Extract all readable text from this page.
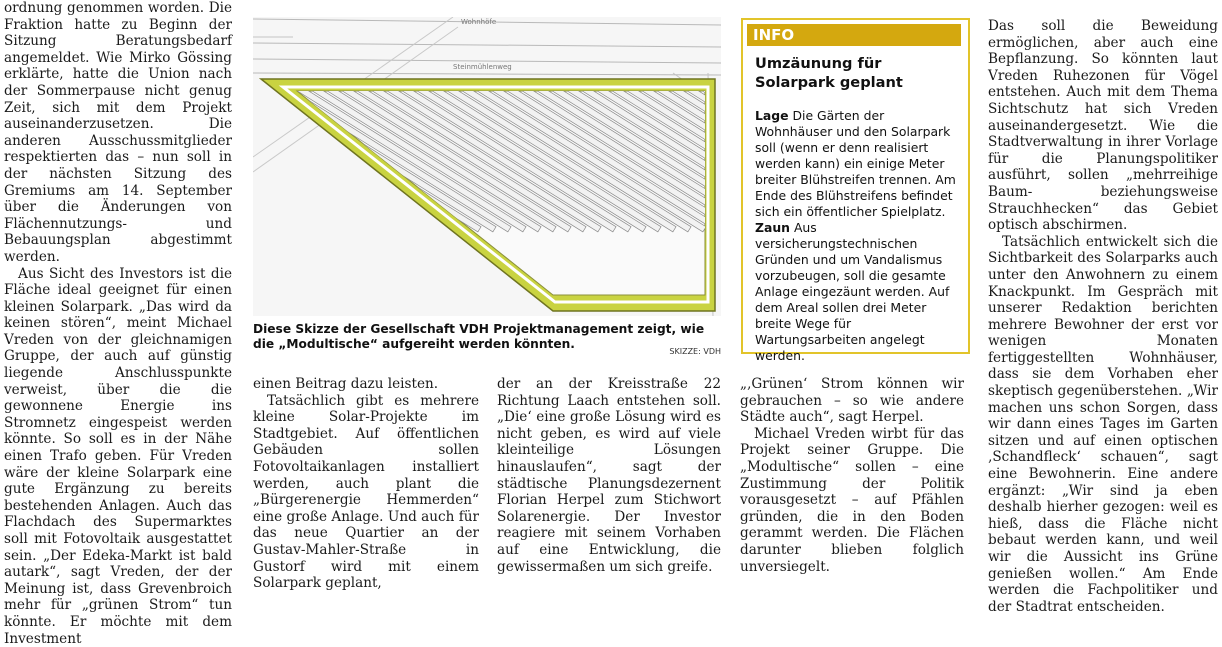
ordnung genommen worden. Die Fraktion hatte zu Beginn der Sitzung Beratungsbedarf angemeldet. Wie Mirko Gössing erklärte, hatte die Union nach der Sommerpause nicht genug Zeit, sich mit dem Projekt auseinanderzusetzen. Die anderen Ausschussmitglieder respektierten das – nun soll in der nächsten Sitzung des Gremiums am 14. September über die Änderungen von Flächennutzungs- und Bebauungsplan abgestimmt werden.

Aus Sicht des Investors ist die Fläche ideal geeignet für einen kleinen Solarpark. „Das wird da keinen stören“, meint Michael Vreden von der gleichnamigen Gruppe, der auch auf günstig liegende Anschlusspunkte verweist, über die die gewonnene Energie ins Stromnetz eingespeist werden könnte. So soll es in der Nähe einen Trafo geben. Für Vreden wäre der kleine Solarpark eine gute Ergänzung zu bereits bestehenden Anlagen. Auch das Flachdach des Supermarktes soll mit Fotovoltaik ausgestattet sein. „Der Edeka-Markt ist bald autark“, sagt Vreden, der der Meinung ist, dass Grevenbroich mehr für „grünen Strom“ tun könnte. Er möchte mit dem Investment

Wohnhöfe
Steinmühlenweg
Diese Skizze der Gesellschaft VDH Projektmanagement zeigt, wie die „Modultische“ aufgereiht werden könnten.
SKIZZE: VDH
INFO
Umzäunung für Solarpark geplant
Lage Die Gärten der Wohnhäuser und den Solarpark soll (wenn er denn realisiert werden kann) ein einige Meter breiter Blühstreifen trennen. Am Ende des Blühstreifens befindet sich ein öffentlicher Spielplatz.
Zaun Aus versicherungstechnischen Gründen und um Vandalismus vorzubeugen, soll die gesamte Anlage eingezäunt werden. Auf dem Areal sollen drei Meter breite Wege für Wartungsarbeiten angelegt werden.

einen Beitrag dazu leisten.

Tatsächlich gibt es mehrere kleine Solar-Projekte im Stadtgebiet. Auf öffentlichen Gebäuden sollen Fotovoltaikanlagen installiert werden, auch plant die „Bürgerenergie Hemmerden“ eine große Anlage. Und auch für das neue Quartier an der Gustav-Mahler-Straße in Gustorf wird mit einem Solarpark geplant,

der an der Kreisstraße 22 Richtung Laach entstehen soll. „Die‘ eine große Lösung wird es nicht geben, es wird auf viele kleinteilige Lösungen hinauslaufen“, sagt der städtische Planungsdezernent Florian Herpel zum Stichwort Solarenergie. Der Investor reagiere mit seinem Vorhaben auf eine Entwicklung, die gewissermaßen um sich greife.

„‚Grünen‘ Strom können wir gebrauchen – so wie andere Städte auch“, sagt Herpel.

Michael Vreden wirbt für das Projekt seiner Gruppe. Die „Modultische“ sollen – eine Zustimmung der Politik vorausgesetzt – auf Pfählen gründen, die in den Boden gerammt werden. Die Flächen darunter blieben folglich unversiegelt.

Das soll die Beweidung ermöglichen, aber auch eine Bepflanzung. So könnten laut Vreden Ruhezonen für Vögel entstehen. Auch mit dem Thema Sichtschutz hat sich Vreden auseinandergesetzt. Wie die Stadtverwaltung in ihrer Vorlage für die Planungspolitiker ausführt, sollen „mehrreihige Baum- beziehungsweise Strauchhecken“ das Gebiet optisch abschirmen.

Tatsächlich entwickelt sich die Sichtbarkeit des Solarparks auch unter den Anwohnern zu einem Knackpunkt. Im Gespräch mit unserer Redaktion berichten mehrere Bewohner der erst vor wenigen Monaten fertiggestellten Wohnhäuser, dass sie dem Vorhaben eher skeptisch gegenüberstehen. „Wir machen uns schon Sorgen, dass wir dann eines Tages im Garten sitzen und auf einen optischen ‚Schandfleck‘ schauen“, sagt eine Bewohnerin. Eine andere ergänzt: „Wir sind ja eben deshalb hierher gezogen: weil es hieß, dass die Fläche nicht bebaut werden kann, und weil wir die Aussicht ins Grüne genießen wollen.“ Am Ende werden die Fachpolitiker und der Stadtrat entscheiden.
